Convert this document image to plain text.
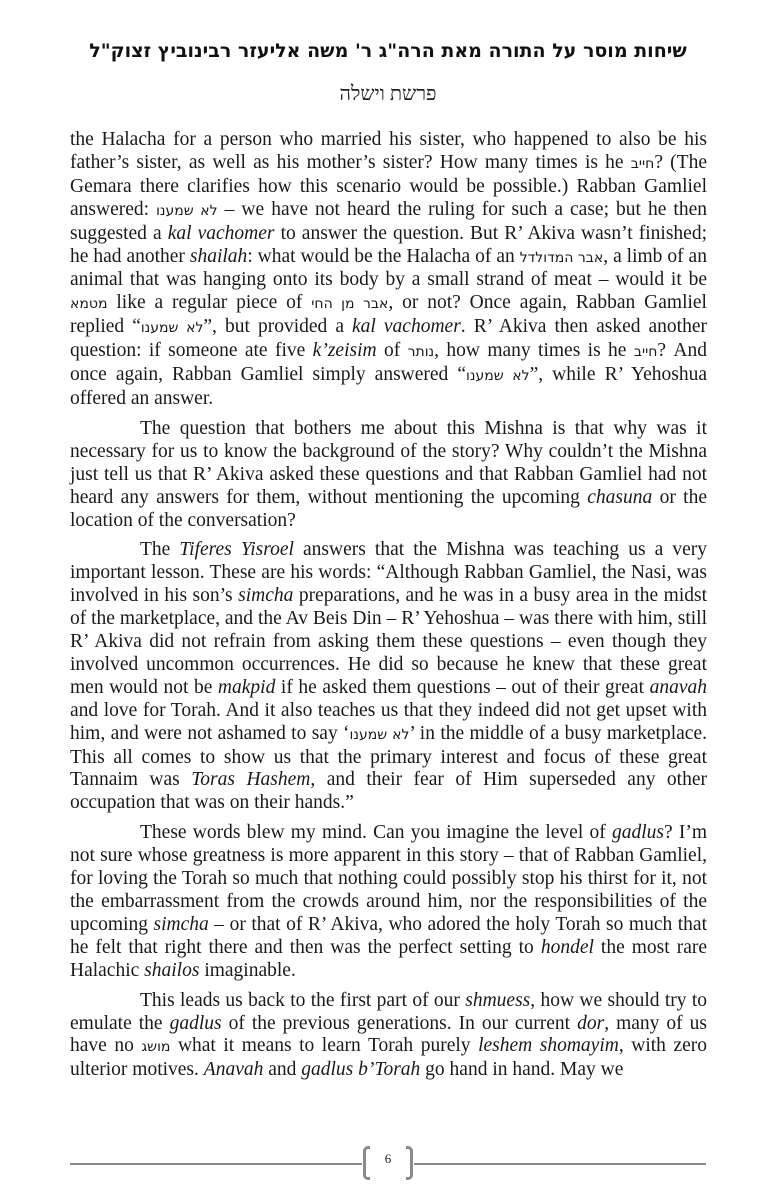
שיחות מוסר על התורה מאת הרה"ג ר' משה אליעזר רבינוביץ זצוק"ל
פרשת וישלה

the Halacha for a person who married his sister, who happened to also be his father’s sister, as well as his mother’s sister? How many times is he חייב? (The Gemara there clarifies how this scenario would be possible.) Rabban Gamliel answered: לא שמענו – we have not heard the ruling for such a case; but he then suggested a kal vachomer to answer the question. But R’ Akiva wasn’t finished; he had another shailah: what would be the Halacha of an אבר המדולדל, a limb of an animal that was hanging onto its body by a small strand of meat – would it be מטמא like a regular piece of אבר מן החי, or not? Once again, Rabban Gamliel replied “לא שמענו”, but provided a kal vachomer. R’ Akiva then asked another question: if someone ate five k’zeisim of נותר, how many times is he חייב? And once again, Rabban Gamliel simply answered “לא שמענו”, while R’ Yehoshua offered an answer.

The question that bothers me about this Mishna is that why was it necessary for us to know the background of the story? Why couldn’t the Mishna just tell us that R’ Akiva asked these questions and that Rabban Gamliel had not heard any answers for them, without mentioning the upcoming chasuna or the location of the conversation?

The Tiferes Yisroel answers that the Mishna was teaching us a very important lesson. These are his words: “Although Rabban Gamliel, the Nasi, was involved in his son’s simcha preparations, and he was in a busy area in the midst of the marketplace, and the Av Beis Din – R’ Yehoshua – was there with him, still R’ Akiva did not refrain from asking them these questions – even though they involved uncommon occurrences. He did so because he knew that these great men would not be makpid if he asked them questions – out of their great anavah and love for Torah. And it also teaches us that they indeed did not get upset with him, and were not ashamed to say ‘לא שמענו’ in the middle of a busy marketplace. This all comes to show us that the primary interest and focus of these great Tannaim was Toras Hashem, and their fear of Him superseded any other occupation that was on their hands.”

These words blew my mind. Can you imagine the level of gadlus? I’m not sure whose greatness is more apparent in this story – that of Rabban Gamliel, for loving the Torah so much that nothing could possibly stop his thirst for it, not the embarrassment from the crowds around him, nor the responsibilities of the upcoming simcha – or that of R’ Akiva, who adored the holy Torah so much that he felt that right there and then was the perfect setting to hondel the most rare Halachic shailos imaginable.

This leads us back to the first part of our shmuess, how we should try to emulate the gadlus of the previous generations. In our current dor, many of us have no מושג what it means to learn Torah purely leshem shomayim, with zero ulterior motives. Anavah and gadlus b’Torah go hand in hand. May we

6
